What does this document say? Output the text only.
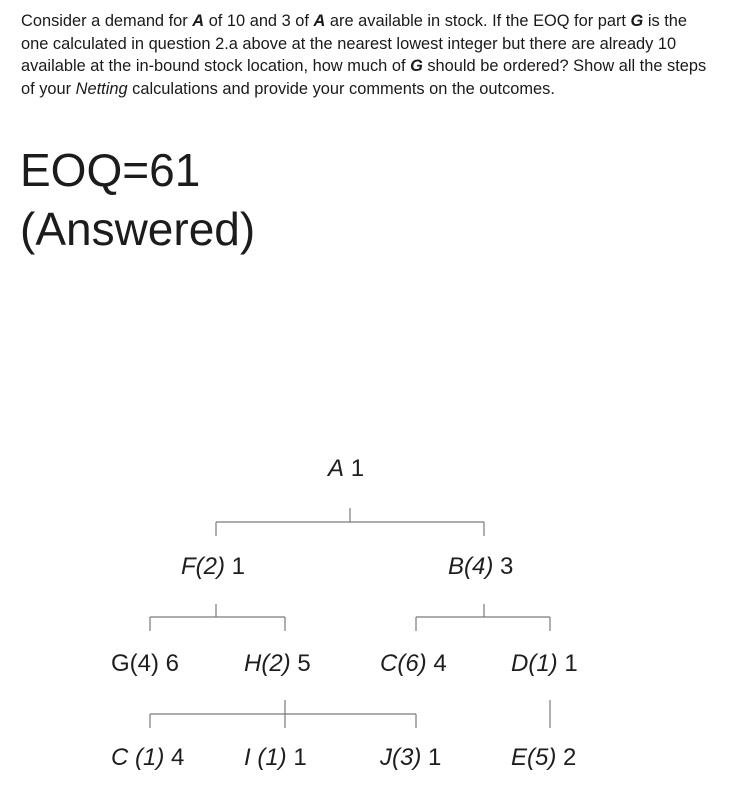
Consider a demand for A of 10 and 3 of A are available in stock. If the EOQ for part G is the one calculated in question 2.a above at the nearest lowest integer but there are already 10 available at the in-bound stock location, how much of G should be ordered? Show all the steps of your Netting calculations and provide your comments on the outcomes.

EOQ=61
(Answered)
A 1
F(2) 1	B(4) 3
G(4) 6	H(2) 5	C(6) 4	D(1) 1
C (1) 4 I (1) 1	J(3) 1	E(5) 2
